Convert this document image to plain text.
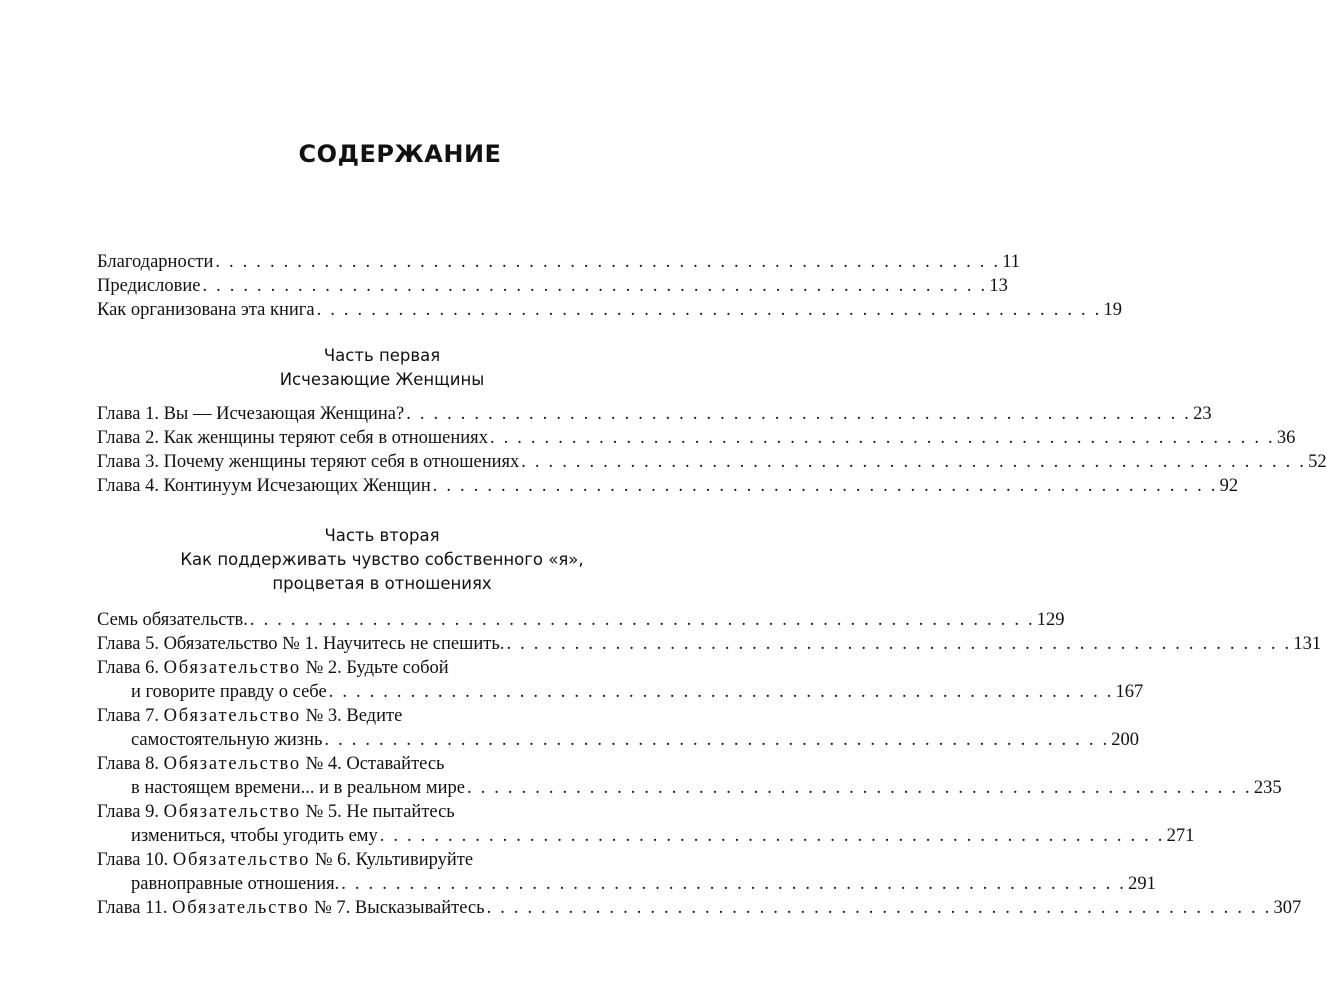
СОДЕРЖАНИЕ
Благодарности . . . . . . . . . . . . . . . . . . . . . . . . . . . . . . . . . . . . . . . . . . . . . . . . . . . . . . . . . . 11
Предисловие . . . . . . . . . . . . . . . . . . . . . . . . . . . . . . . . . . . . . . . . . . . . . . . . . . . . . . . . . . 13
Как организована эта книга . . . . . . . . . . . . . . . . . . . . . . . . . . . . . . . . . . . . . . . . . . . . . . . . . . . . . . . . . . 19
Часть первая
Исчезающие Женщины
Глава 1. Вы — Исчезающая Женщина? . . . . . . . . . . . . . . . . . . . . . . . . . . . . . . . . . . . . . . . . . . . . . . . . . . . . . . . . . . 23
Глава 2. Как женщины теряют себя в отношениях . . . . . . . . . . . . . . . . . . . . . . . . . . . . . . . . . . . . . . . . . . . . . . . . . . . . . . . . . . 36
Глава 3. Почему женщины теряют себя в отношениях . . . . . . . . . . . . . . . . . . . . . . . . . . . . . . . . . . . . . . . . . . . . . . . . . . . . . . . . . . 52
Глава 4. Континуум Исчезающих Женщин . . . . . . . . . . . . . . . . . . . . . . . . . . . . . . . . . . . . . . . . . . . . . . . . . . . . . . . . . . 92
Часть вторая
Как поддерживать чувство собственного «я»,
процветая в отношениях
Семь обязательств. . . . . . . . . . . . . . . . . . . . . . . . . . . . . . . . . . . . . . . . . . . . . . . . . . . . . . . . . . . 129
Глава 5. Обязательство № 1. Научитесь не спешить. . . . . . . . . . . . . . . . . . . . . . . . . . . . . . . . . . . . . . . . . . . . . . . . . . . . . . . . . . . 131
Глава 6. Обязательство № 2. Будьте собой
и говорите правду о себе . . . . . . . . . . . . . . . . . . . . . . . . . . . . . . . . . . . . . . . . . . . . . . . . . . . . . . . . . . 167
Глава 7. Обязательство № 3. Ведите
самостоятельную жизнь . . . . . . . . . . . . . . . . . . . . . . . . . . . . . . . . . . . . . . . . . . . . . . . . . . . . . . . . . . 200
Глава 8. Обязательство № 4. Оставайтесь
в настоящем времени... и в реальном мире . . . . . . . . . . . . . . . . . . . . . . . . . . . . . . . . . . . . . . . . . . . . . . . . . . . . . . . . . . 235
Глава 9. Обязательство № 5. Не пытайтесь
измениться, чтобы угодить ему . . . . . . . . . . . . . . . . . . . . . . . . . . . . . . . . . . . . . . . . . . . . . . . . . . . . . . . . . . 271
Глава 10. Обязательство № 6. Культивируйте
равноправные отношения. . . . . . . . . . . . . . . . . . . . . . . . . . . . . . . . . . . . . . . . . . . . . . . . . . . . . . . . . . . 291
Глава 11. Обязательство № 7. Высказывайтесь . . . . . . . . . . . . . . . . . . . . . . . . . . . . . . . . . . . . . . . . . . . . . . . . . . . . . . . . . . 307
